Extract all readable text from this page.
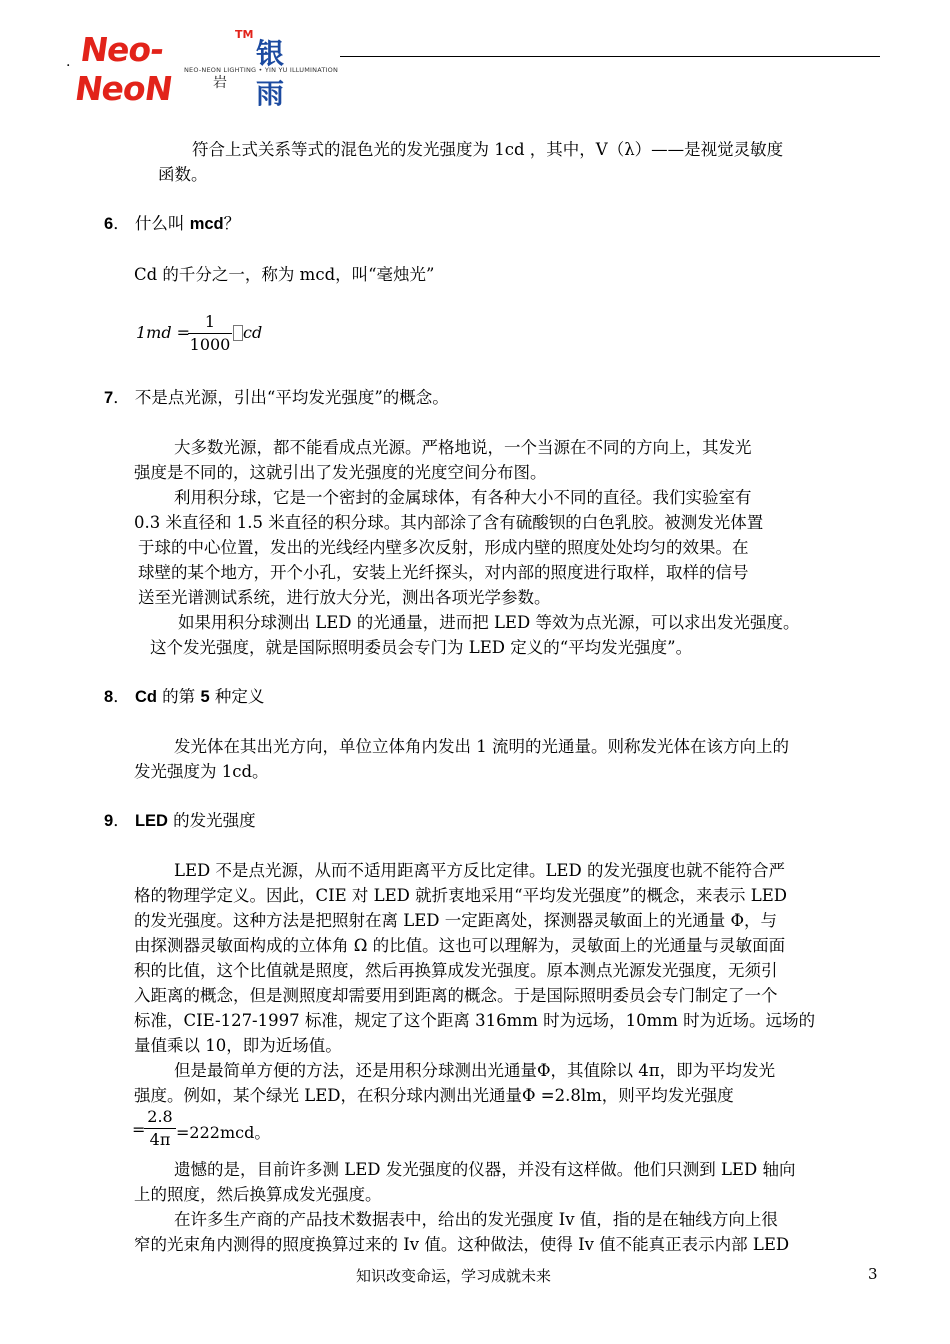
. Neo-NeoN
TM
银雨
NEO-NEON LIGHTING • YIN YU ILLUMINATION
岩
符合上式关系等式的混色光的发光强度为 1cd ，其中，V（λ）——是视觉灵敏度
函数。
6． 什么叫 mcd？
Cd 的千分之一，称为 mcd，叫“毫烛光”
1md =
1
1000
cd
7． 不是点光源，引出“平均发光强度”的概念。
大多数光源，都不能看成点光源。严格地说，一个当源在不同的方向上，其发光
强度是不同的，这就引出了发光强度的光度空间分布图。
利用积分球，它是一个密封的金属球体，有各种大小不同的直径。我们实验室有
0.3 米直径和 1.5 米直径的积分球。其内部涂了含有硫酸钡的白色乳胶。被测发光体置
于球的中心位置，发出的光线经内壁多次反射，形成内壁的照度处处均匀的效果。在
球壁的某个地方，开个小孔，安装上光纤探头，对内部的照度进行取样，取样的信号
送至光谱测试系统，进行放大分光，测出各项光学参数。
如果用积分球测出 LED 的光通量，进而把 LED 等效为点光源，可以求出发光强度。
这个发光强度，就是国际照明委员会专门为 LED 定义的“平均发光强度”。
8． Cd 的第 5 种定义
发光体在其出光方向，单位立体角内发出 1 流明的光通量。则称发光体在该方向上的
发光强度为 1cd。
9． LED 的发光强度
LED 不是点光源，从而不适用距离平方反比定律。LED 的发光强度也就不能符合严
格的物理学定义。因此，CIE 对 LED 就折衷地采用“平均发光强度”的概念，来表示 LED
的发光强度。这种方法是把照射在离 LED 一定距离处，探测器灵敏面上的光通量 Φ，与
由探测器灵敏面构成的立体角 Ω 的比值。这也可以理解为，灵敏面上的光通量与灵敏面面
积的比值，这个比值就是照度，然后再换算成发光强度。原本测点光源发光强度，无须引
入距离的概念，但是测照度却需要用到距离的概念。于是国际照明委员会专门制定了一个
标准，CIE-127-1997 标准，规定了这个距离 316mm 时为远场，10mm 时为近场。远场的
量值乘以 10，即为近场值。
但是最简单方便的方法，还是用积分球测出光通量Φ，其值除以 4π，即为平均发光
强度。例如，某个绿光 LED，在积分球内测出光通量Φ =2.8lm，则平均发光强度
=
2.8
4π =222mcd。
遗憾的是，目前许多测 LED 发光强度的仪器，并没有这样做。他们只测到 LED 轴向
上的照度，然后换算成发光强度。
在许多生产商的产品技术数据表中，给出的发光强度 Iv 值，指的是在轴线方向上很
窄的光束角内测得的照度换算过来的 Iv 值。这种做法，使得 Iv 值不能真正表示内部 LED
知识改变命运，学习成就未来	3
